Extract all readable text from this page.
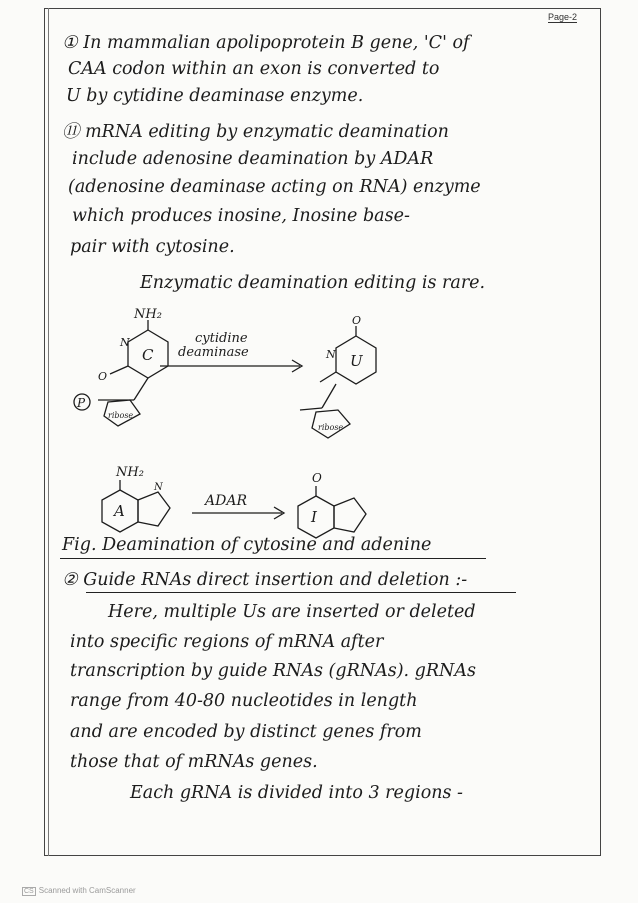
Page-2
① In mammalian apolipoprotein B gene, 'C' of
CAA codon within an exon is converted to
U by cytidine deaminase enzyme.
⑪ mRNA editing by enzymatic deamination
include adenosine deamination by ADAR
(adenosine deaminase acting on RNA) enzyme
which produces inosine, Inosine base-
pair with cytosine.
Enzymatic deamination editing is rare.
NH₂
C
N
O
P
ribose
cytidine
deaminase
O
U
N
ribose
NH₂
A
N
ADAR
O
I
Fig. Deamination of cytosine and adenine
② Guide RNAs direct insertion and deletion :-
Here, multiple Us are inserted or deleted
into specific regions of mRNA after
transcription by guide RNAs (gRNAs). gRNAs
range from 40-80 nucleotides in length
and are encoded by distinct genes from
those that of mRNAs genes.
Each gRNA is divided into 3 regions -
CS Scanned with CamScanner
